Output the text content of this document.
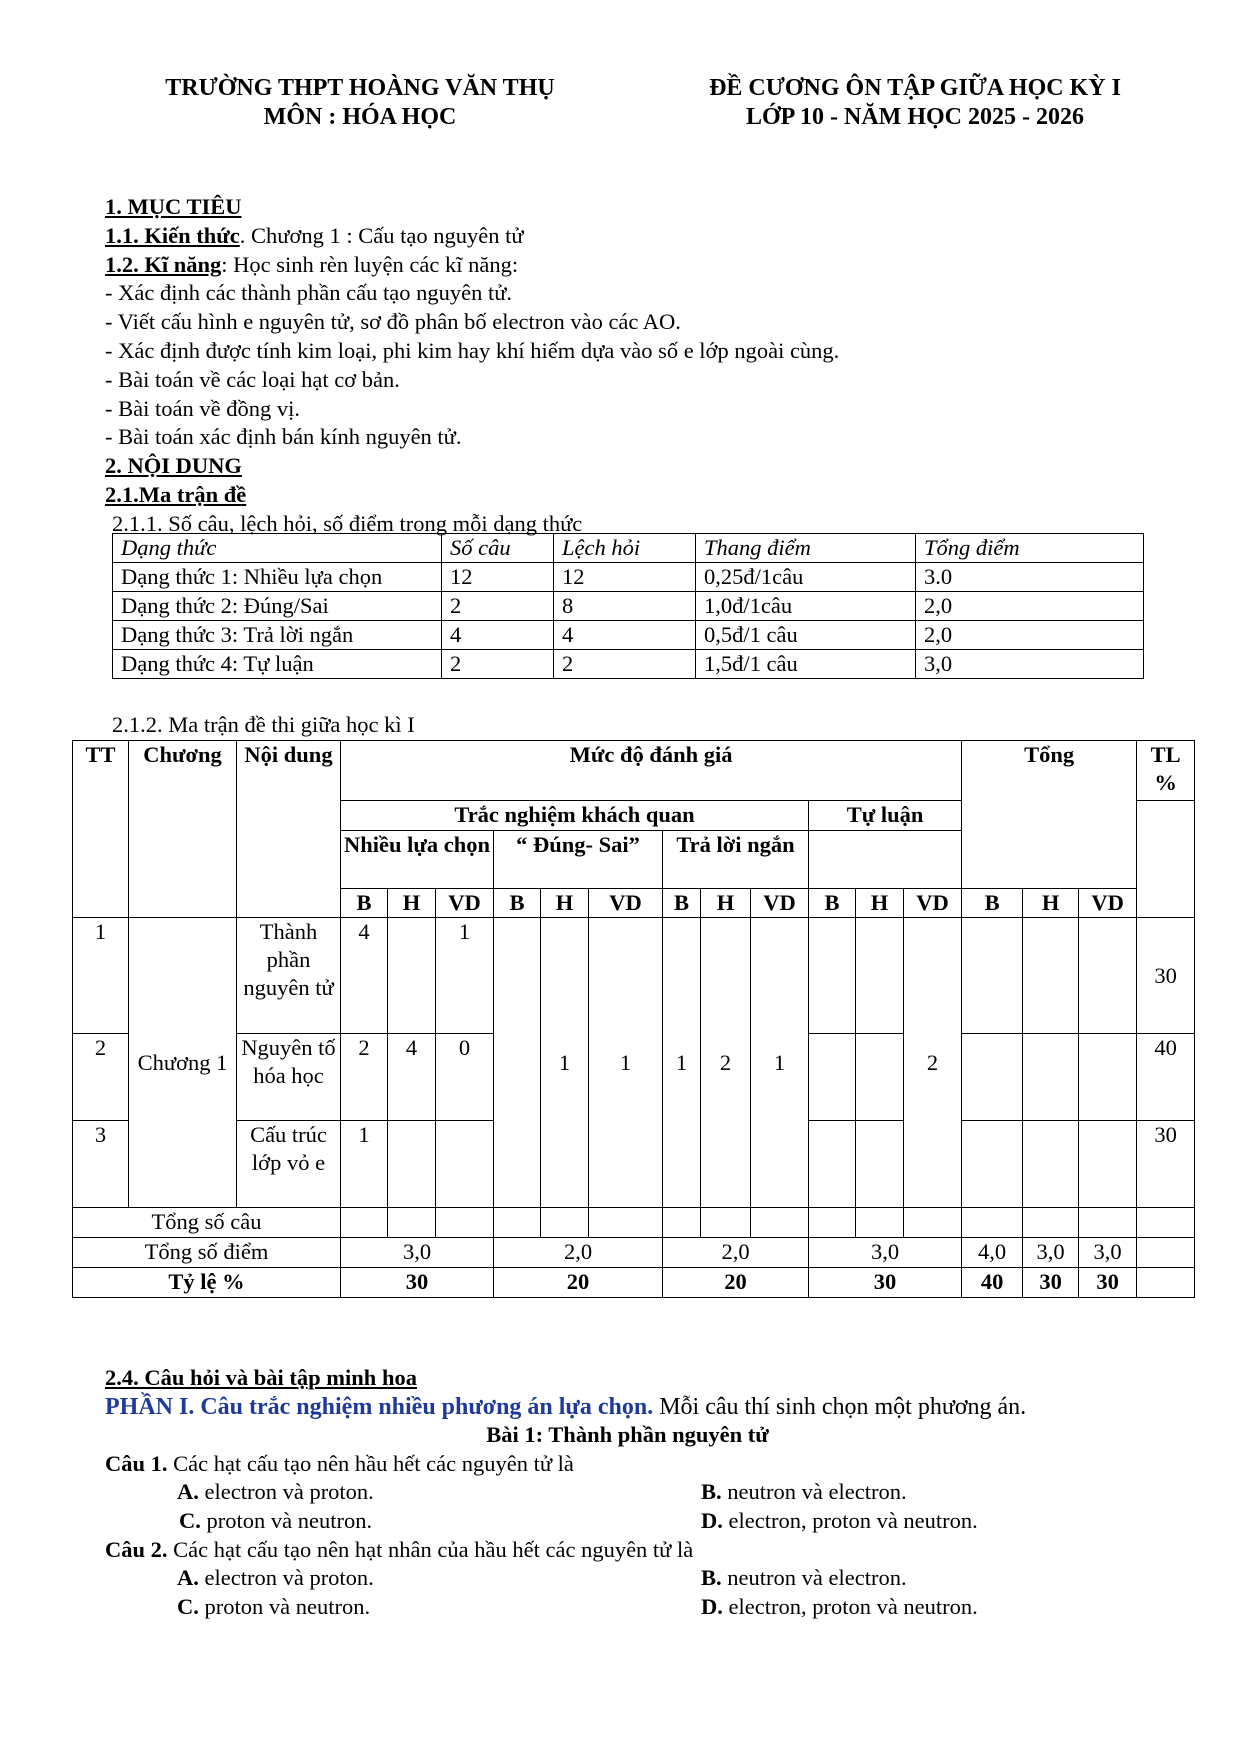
TRƯỜNG THPT HOÀNG VĂN THỤ
MÔN : HÓA HỌC
ĐỀ CƯƠNG ÔN TẬP GIỮA HỌC KỲ I
LỚP 10 - NĂM HỌC 2025 - 2026
1. MỤC TIÊU
1.1. Kiến thức. Chương 1 : Cấu tạo nguyên tử
1.2. Kĩ năng: Học sinh rèn luyện các kĩ năng:
- Xác định các thành phần cấu tạo nguyên tử.
- Viết cấu hình e nguyên tử, sơ đồ phân bố electron vào các AO.
- Xác định được tính kim loại, phi kim hay khí hiếm dựa vào số e lớp ngoài cùng.
- Bài toán về các loại hạt cơ bản.
- Bài toán về đồng vị.
- Bài toán xác định bán kính nguyên tử.
2. NỘI DUNG
2.1.Ma trận đề
2.1.1. Số câu, lệch hỏi, số điểm trong mỗi dạng thức
Dạng thức	Số câu	Lệch hỏi	Thang điểm	Tổng điểm
Dạng thức 1: Nhiều lựa chọn	12	12	0,25đ/1câu	3.0
Dạng thức 2: Đúng/Sai	2	8	1,0đ/1câu	2,0
Dạng thức 3: Trả lời ngắn	4	4	0,5đ/1 câu	2,0
Dạng thức 4: Tự luận	2	2	1,5đ/1 câu	3,0
2.1.2. Ma trận đề thi giữa học kì I
TT	Chương	Nội dung	Mức độ đánh giá												Tổng			TL %
			Trắc nghiệm khách quan									Tự luận						
			Nhiều lựa chọn			“ Đúng- Sai”			Trả lời ngắn									
			B	H	VD	B	H	VD	B	H	VD	B	H	VD	B	H	VD	
1	Chương 1	Thành phần nguyên tử	4		1		1	1	1	2	1			2				30
2		Nguyên tố hóa học	2	4	0													40
3		Cấu trúc lớp vỏ e	1															30
Tổng số câu																		
Tổng số điểm			3,0			2,0			2,0			3,0			4,0	3,0	3,0	
Tỷ lệ %			30			20			20			30			40	30	30	
2.4. Câu hỏi và bài tập minh hoa
PHẦN I. Câu trắc nghiệm nhiều phương án lựa chọn. Mỗi câu thí sinh chọn một phương án.
Bài 1: Thành phần nguyên tử
Câu 1. Các hạt cấu tạo nên hầu hết các nguyên tử là
A. electron và proton.	B. neutron và electron.
C. proton và neutron.	D. electron, proton và neutron.
Câu 2. Các hạt cấu tạo nên hạt nhân của hầu hết các nguyên tử là
A. electron và proton.	B. neutron và electron.
C. proton và neutron.	D. electron, proton và neutron.
